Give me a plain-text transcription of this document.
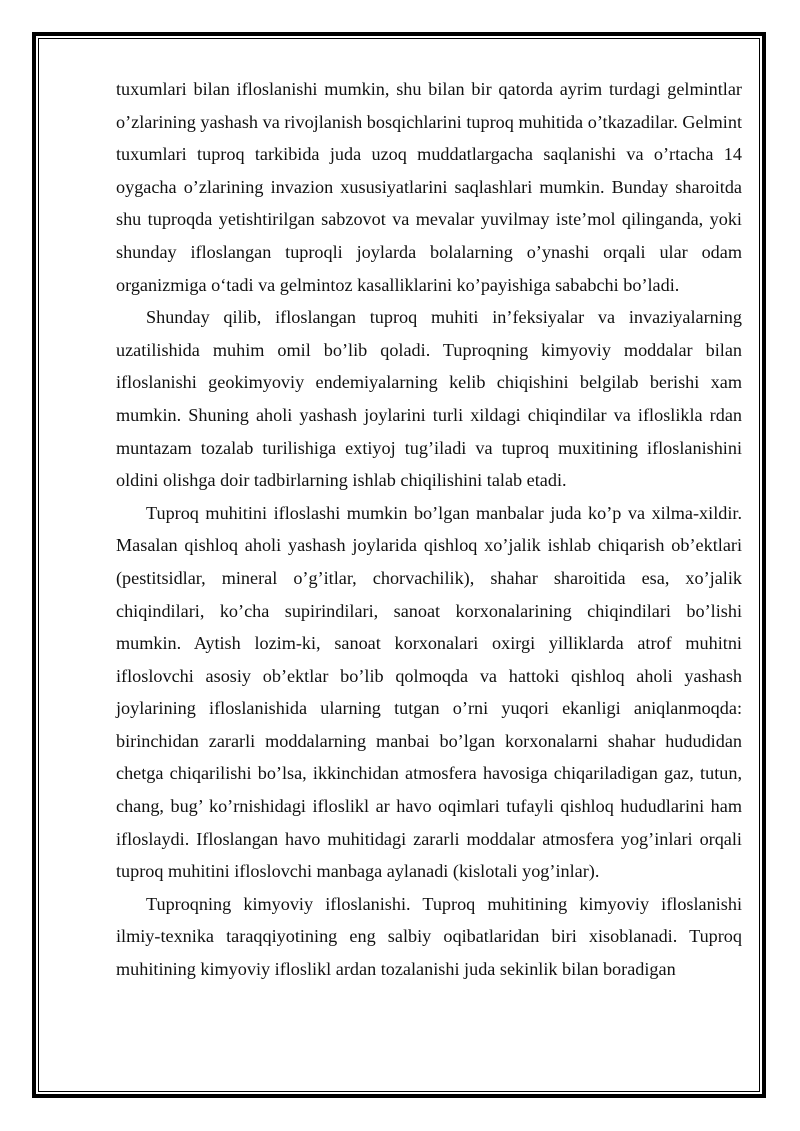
tuxumlari bilan ifloslanishi mumkin, shu bilan bir qatorda ayrim turdagi gelmintlar o’zlarining yashash va rivojlanish bosqichlarini tuproq muhitida o’tkazadilar. Gelmint tuxumlari tuproq tarkibida juda uzoq muddatlargacha saqlanishi va o’rtacha 14 oygacha o’zlarining invazion xususiyatlarini saqlashlari mumkin. Bunday sharoitda shu tuproqda yetishtirilgan sabzovot va mevalar yuvilmay iste’mol qilinganda, yoki shunday ifloslangan tuproqli joylarda bolalarning o’ynashi orqali ular odam organizmiga o‘tadi va gelmintoz kasalliklarini ko’payishiga sababchi bo’ladi.

Shunday qilib, ifloslangan tuproq muhiti in’feksiyalar va invaziyalarning uzatilishida muhim omil bo’lib qoladi. Tuproqning kimyoviy moddalar bilan ifloslanishi geokimyoviy endemiyalarning kelib chiqishini belgilab berishi xam mumkin. Shuning aholi yashash joylarini turli xildagi chiqindilar va ifloslikla rdan muntazam tozalab turilishiga extiyoj tug’iladi va tuproq muxitining ifloslanishini oldini olishga doir tadbirlarning ishlab chiqilishini talab etadi.

Tuproq muhitini ifloslashi mumkin bo’lgan manbalar juda ko’p va xilma-xildir. Masalan qishloq aholi yashash joylarida qishloq xo’jalik ishlab chiqarish ob’ektlari (pestitsidlar, mineral o’g’itlar, chorvachilik), shahar sharoitida esa, xo’jalik chiqindilari, ko’cha supirindilari, sanoat korxonalarining chiqindilari bo’lishi mumkin. Aytish lozim-ki, sanoat korxonalari oxirgi yilliklarda atrof muhitni ifloslovchi asosiy ob’ektlar bo’lib qolmoqda va hattoki qishloq aholi yashash joylarining ifloslanishida ularning tutgan o’rni yuqori ekanligi aniqlanmoqda: birinchidan zararli moddalarning manbai bo’lgan korxonalarni shahar hududidan chetga chiqarilishi bo’lsa, ikkinchidan atmosfera havosiga chiqariladigan gaz, tutun, chang, bug’ ko’rnishidagi ifloslikl ar havo oqimlari tufayli qishloq hududlarini ham ifloslaydi. Ifloslangan havo muhitidagi zararli moddalar atmosfera yog’inlari orqali tuproq muhitini ifloslovchi manbaga aylanadi (kislotali yog’inlar).

Tuproqning kimyoviy ifloslanishi. Tuproq muhitining kimyoviy ifloslanishi ilmiy-texnika taraqqiyotining eng salbiy oqibatlaridan biri xisoblanadi. Tuproq muhitining kimyoviy ifloslikl ardan tozalanishi juda sekinlik bilan boradigan
